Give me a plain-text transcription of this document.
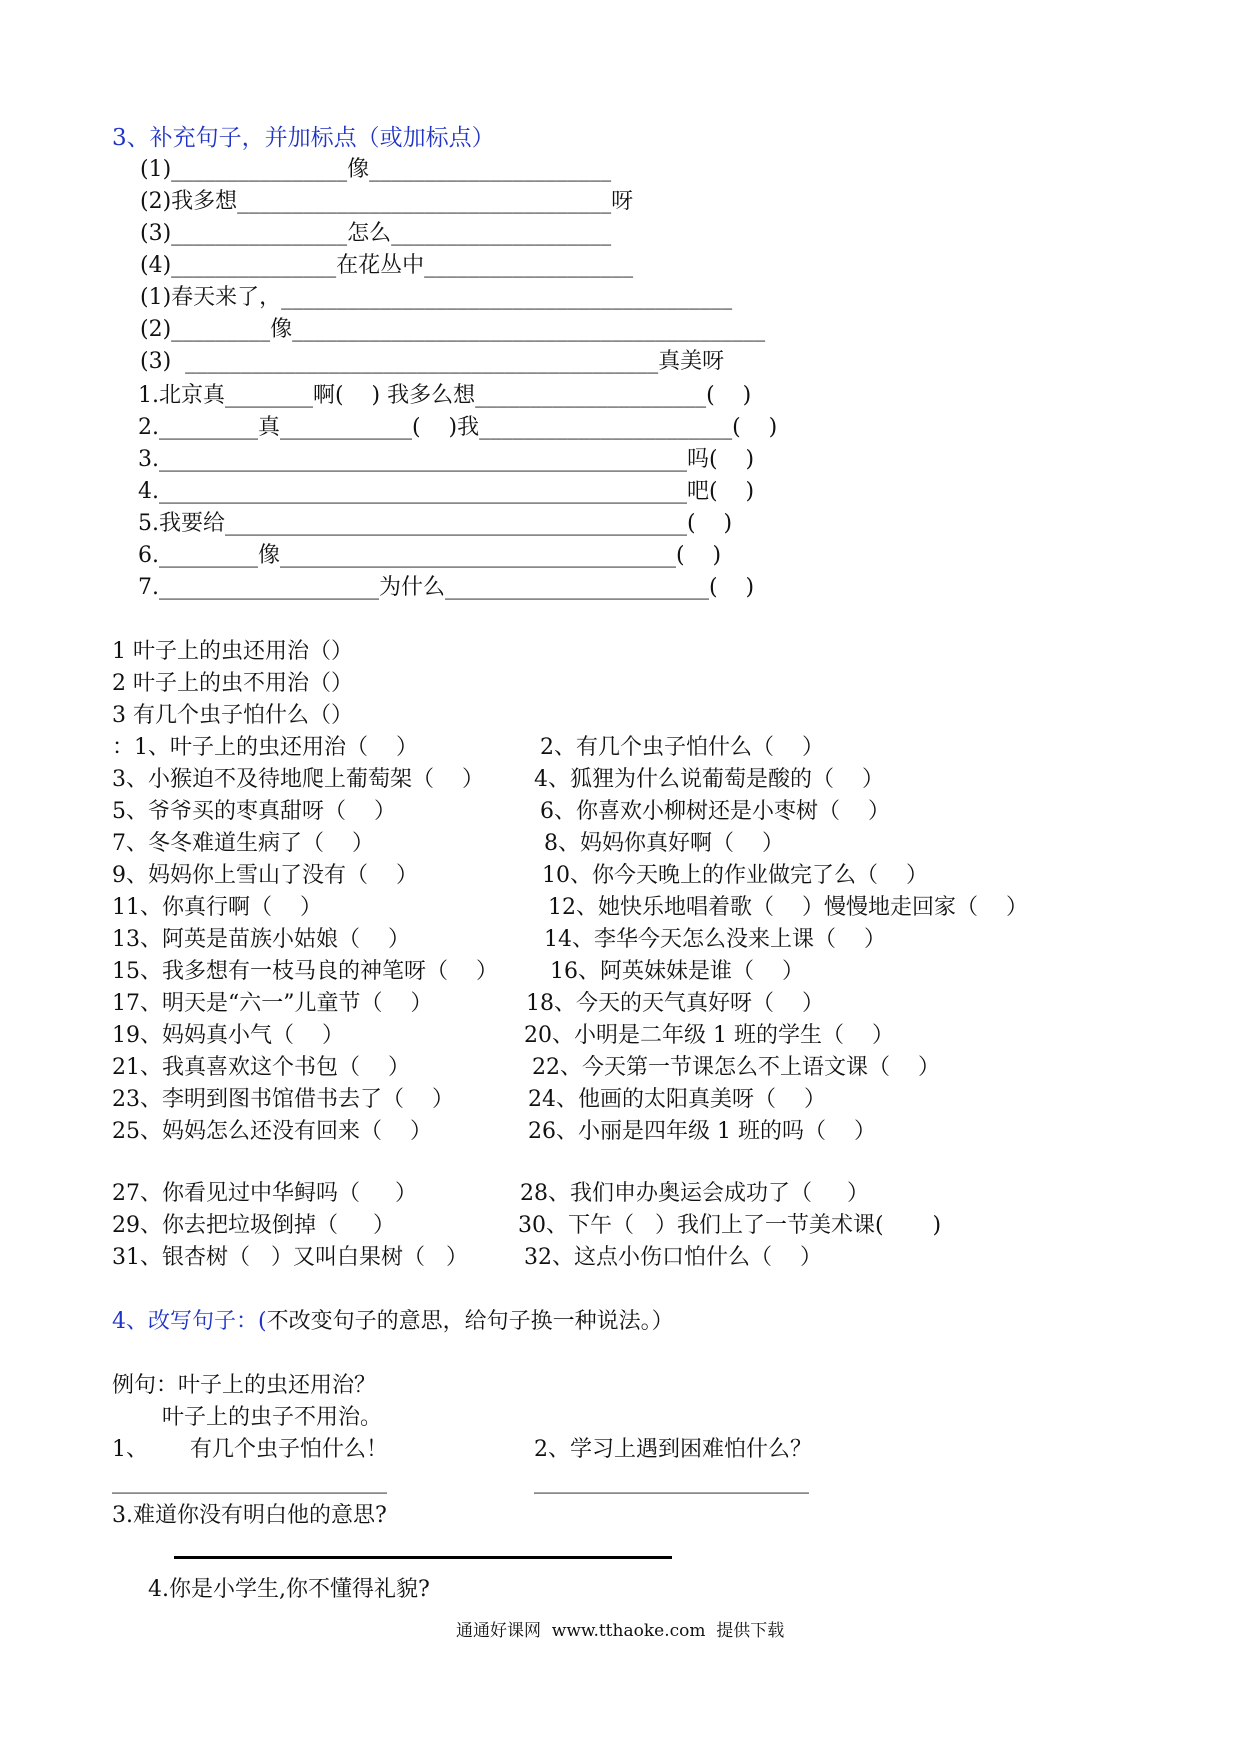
3、补充句子，并加标点（或加标点）
(1)________________像______________________
(2)我多想__________________________________呀
(3)________________怎么____________________
(4)_______________在花丛中___________________
(1)春天来了，_________________________________________
(2)_________像___________________________________________
(3)  ___________________________________________真美呀
1.北京真________啊(    ) 我多么想_____________________(    )
2._________真____________(    )我_______________________(    )
3.________________________________________________吗(    )
4.________________________________________________吧(    )
5.我要给__________________________________________(    )
6._________像____________________________________(    )
7.____________________为什么________________________(    )
1 叶子上的虫还用治（）
2 叶子上的虫不用治（）
3 有几个虫子怕什么（）
：1、叶子上的虫还用治（    ）	2、有几个虫子怕什么（    ）
3、小猴迫不及待地爬上葡萄架（    ） 4、狐狸为什么说葡萄是酸的（    ）
5、爷爷买的枣真甜呀（    ）	6、你喜欢小柳树还是小枣树（    ）
7、冬冬难道生病了（    ）	8、妈妈你真好啊（    ）
9、妈妈你上雪山了没有（    ）	10、你今天晚上的作业做完了么（    ）
11、你真行啊（    ）	12、她快乐地唱着歌（    ）慢慢地走回家（    ）
13、阿英是苗族小姑娘（    ）	14、李华今天怎么没来上课（    ）
15、我多想有一枝马良的神笔呀（    ） 16、阿英妹妹是谁（    ）
17、明天是“六一”儿童节（    ）	18、今天的天气真好呀（    ）
19、妈妈真小气（    ）	20、小明是二年级 1 班的学生（    ）
21、我真喜欢这个书包（    ）	22、今天第一节课怎么不上语文课（    ）
23、李明到图书馆借书去了（    ）	24、他画的太阳真美呀（    ）
25、妈妈怎么还没有回来（    ）	26、小丽是四年级 1 班的吗（    ）
27、你看见过中华鲟吗（     ）	28、我们申办奥运会成功了（     ）
29、你去把垃圾倒掉（     ）	30、下午（   ）我们上了一节美术课(       )
31、银杏树（   ）又叫白果树（   ）	32、这点小伤口怕什么（    ）
4、改写句子：(不改变句子的意思，给句子换一种说法。）
例句：叶子上的虫还用治？
叶子上的虫子不用治。
1、      有几个虫子怕什么！	2、学习上遇到困难怕什么？
_________________________	_________________________
3.难道你没有明白他的意思?
4.你是小学生,你不懂得礼貌?
通通好课网  www.tthaoke.com  提供下载
